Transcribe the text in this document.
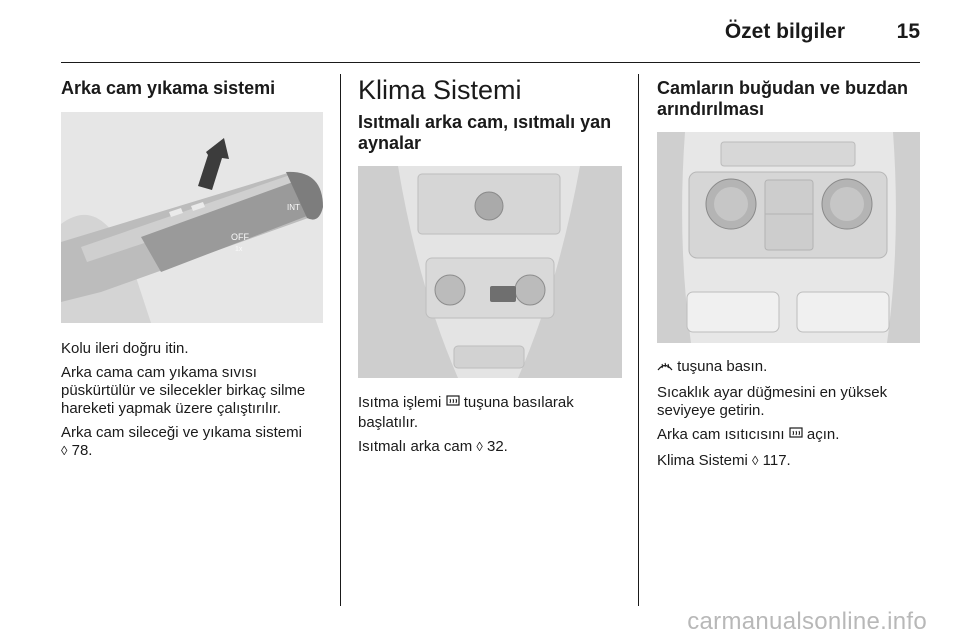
Özet bilgiler 15
Arka cam yıkama sistemi
OFF
INT
1x

Kolu ileri doğru itin.

Arka cama cam yıkama sıvısı püskürtülür ve silecekler birkaç silme hareketi yapmak üzere çalıştırılır.

Arka cam sileceği ve yıkama sistemi
◊ 78.

Klima Sistemi
Isıtmalı arka cam, ısıtmalı yan aynalar

Isıtma işlemi tuşuna basılarak başlatılır.

Isıtmalı arka cam ◊ 32.

Camların buğudan ve buzdan arındırılması

tuşuna basın.

Sıcaklık ayar düğmesini en yüksek seviyeye getirin.

Arka cam ısıtıcısını açın.

Klima Sistemi ◊ 117.

carmanualsonline.info
